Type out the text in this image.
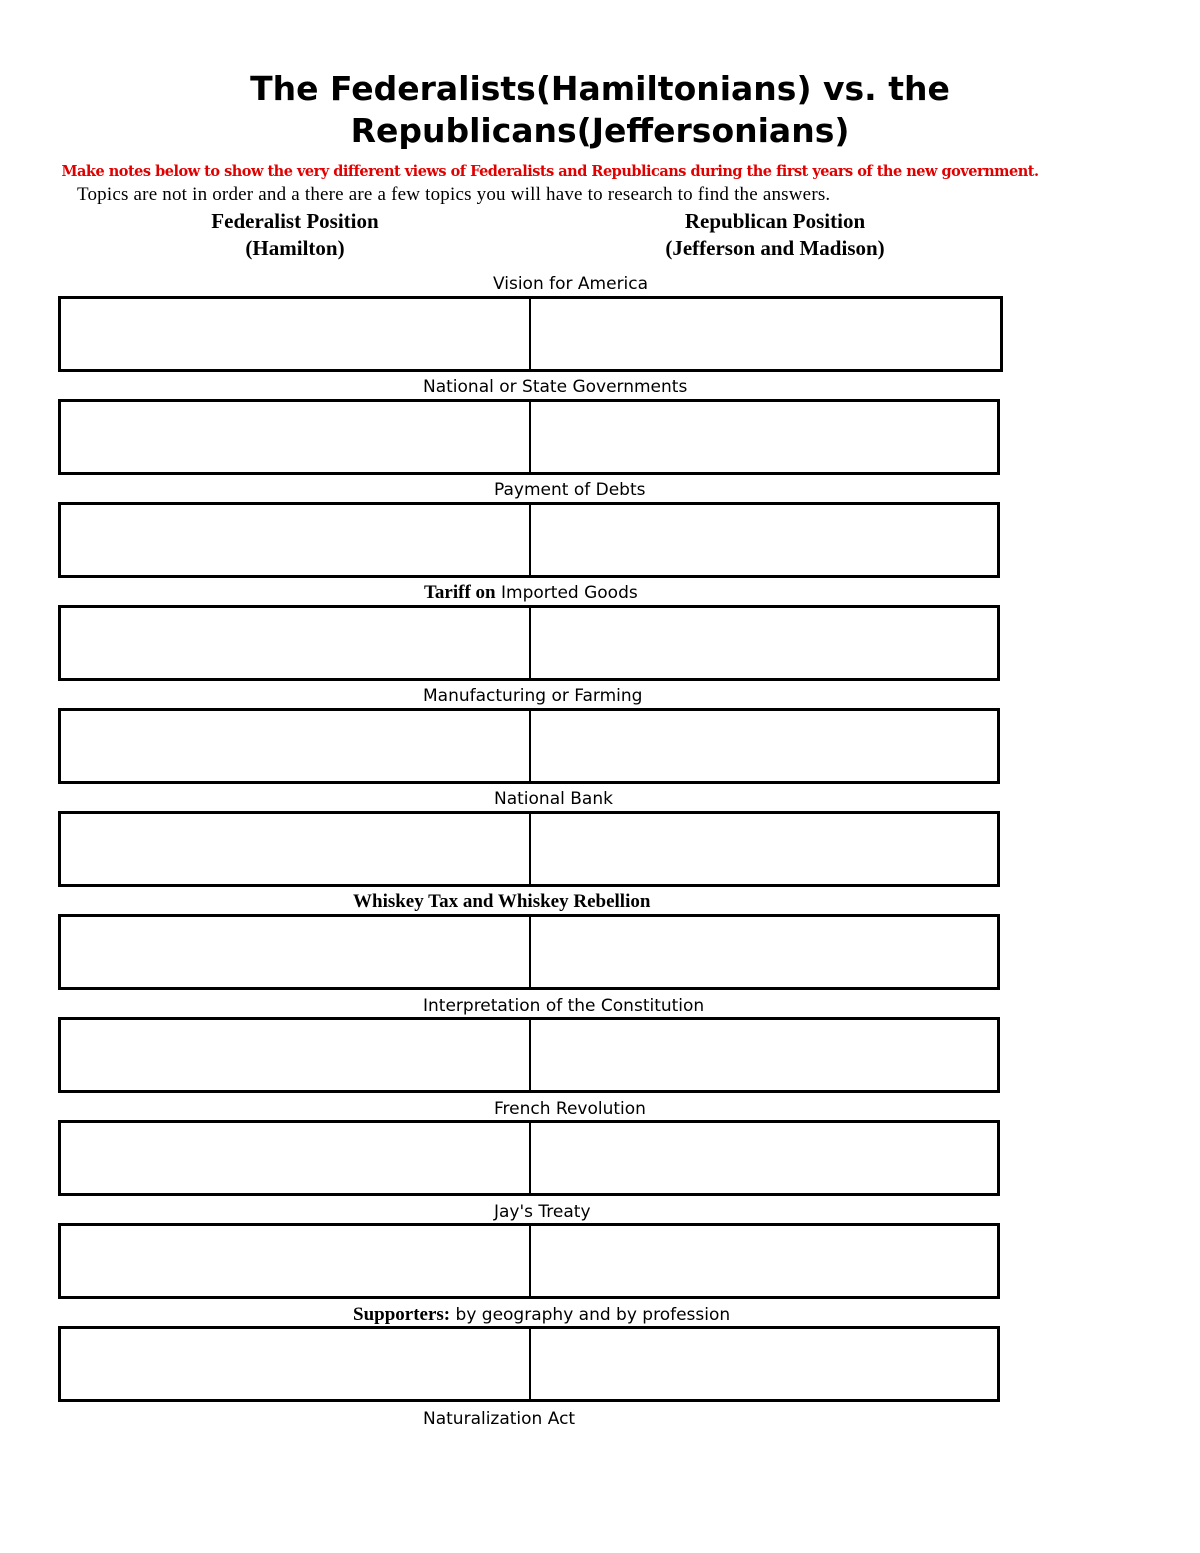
The Federalists(Hamiltonians) vs. the
Republicans(Jeffersonians)
Make notes below to show the very different views of Federalists and Republicans during the first years of the new government.
Topics are not in order and a there are a few topics you will have to research to find the answers.
Federalist Position
(Hamilton)
Republican Position
(Jefferson and Madison)
Vision for America
National or State Governments
Payment of Debts
Tariff on Imported Goods
Manufacturing or Farming
National Bank
Whiskey Tax and Whiskey Rebellion
Interpretation of the Constitution
French Revolution
Jay's Treaty
Supporters: by geography and by profession
Naturalization Act
